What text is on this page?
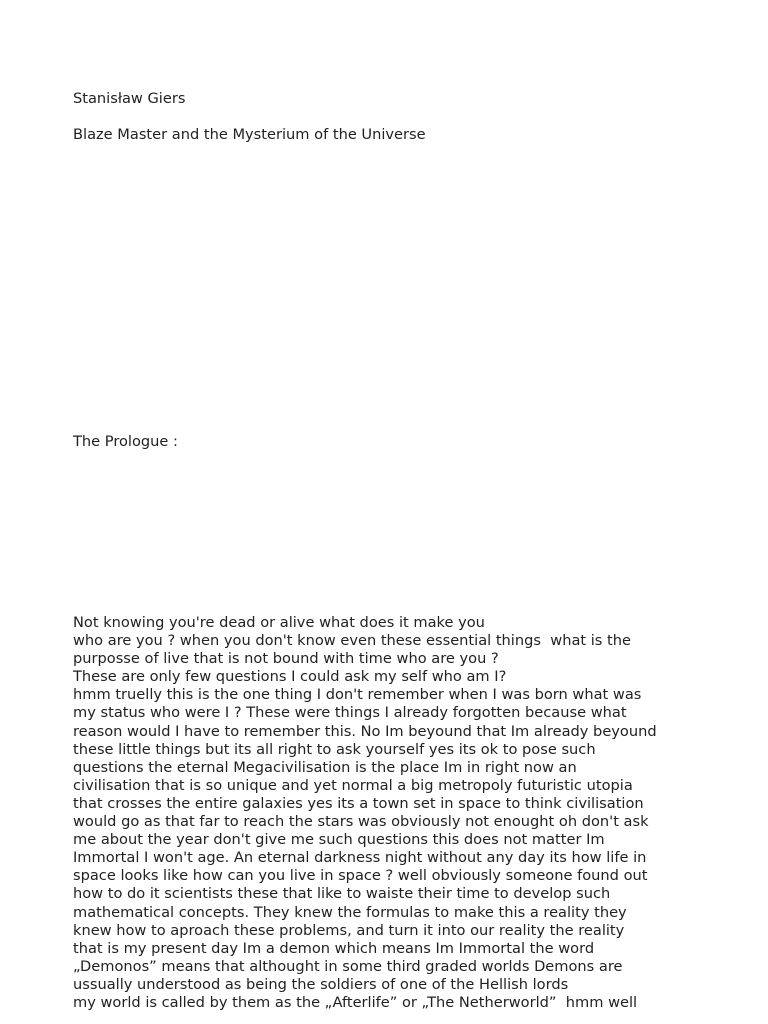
Stanisław Giers
Blaze Master and the Mysterium of the Universe
The Prologue :
Not knowing you're dead or alive what does it make you
who are you ? when you don't know even these essential things  what is the
purposse of live that is not bound with time who are you ?
These are only few questions I could ask my self who am I?
hmm truelly this is the one thing I don't remember when I was born what was
my status who were I ? These were things I already forgotten because what
reason would I have to remember this. No Im beyound that Im already beyound
these little things but its all right to ask yourself yes its ok to pose such
questions the eternal Megacivilisation is the place Im in right now an
civilisation that is so unique and yet normal a big metropoly futuristic utopia
that crosses the entire galaxies yes its a town set in space to think civilisation
would go as that far to reach the stars was obviously not enought oh don't ask
me about the year don't give me such questions this does not matter Im
Immortal I won't age. An eternal darkness night without any day its how life in
space looks like how can you live in space ? well obviously someone found out
how to do it scientists these that like to waiste their time to develop such
mathematical concepts. They knew the formulas to make this a reality they
knew how to aproach these problems, and turn it into our reality the reality
that is my present day Im a demon which means Im Immortal the word
„Demonos” means that althought in some third graded worlds Demons are
ussually understood as being the soldiers of one of the Hellish lords
my world is called by them as the „Afterlife” or „The Netherworld”  hmm well
